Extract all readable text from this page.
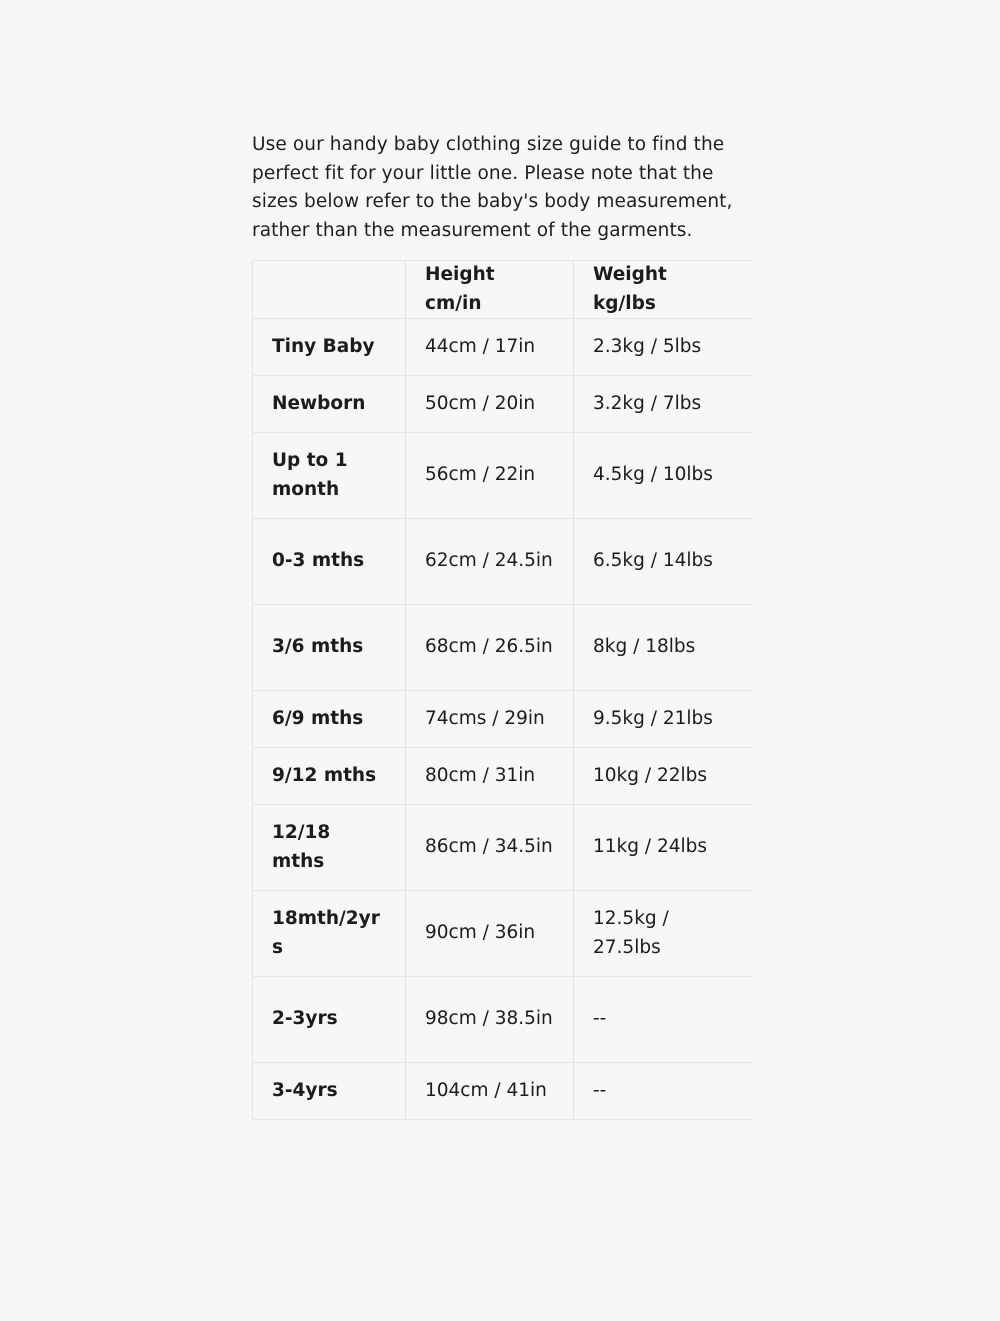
Use our handy baby clothing size guide to find the perfect fit for your little one. Please note that the sizes below refer to the baby's body measurement, rather than the measurement of the garments.

	Height cm/in	Weight kg/lbs
Tiny Baby	44cm / 17in	2.3kg / 5lbs
Newborn	50cm / 20in	3.2kg / 7lbs
Up to 1 month	56cm / 22in	4.5kg / 10lbs
0-3 mths	62cm / 24.5in	6.5kg / 14lbs
3/6 mths	68cm / 26.5in	8kg / 18lbs
6/9 mths	74cms / 29in	9.5kg / 21lbs
9/12 mths	80cm / 31in	10kg / 22lbs
12/18 mths	86cm / 34.5in	11kg / 24lbs
18mth/2yrs	90cm / 36in	12.5kg / 27.5lbs
2-3yrs	98cm / 38.5in	--
3-4yrs	104cm / 41in	--
